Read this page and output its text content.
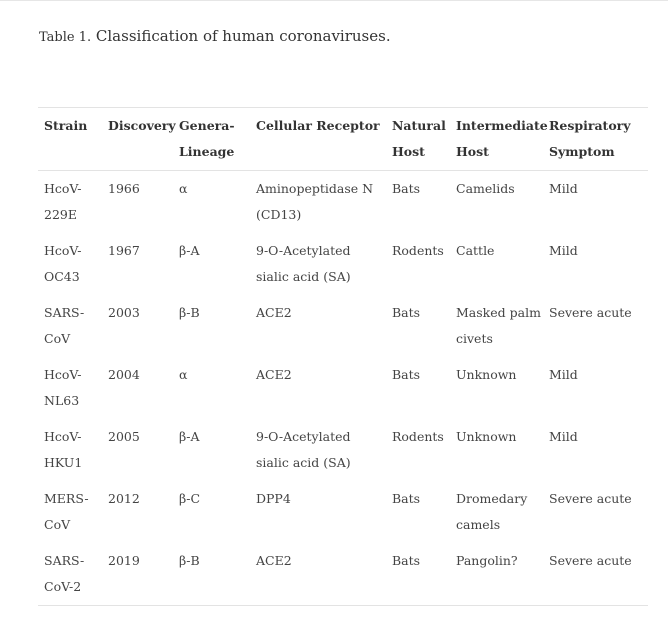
Table 1. Classification of human coronaviruses.
Strain	Discovery	Genera-Lineage	Cellular Receptor	Natural Host	Intermediate Host	Respiratory Symptom
HcoV-229E	1966	α	Aminopeptidase N (CD13)	Bats	Camelids	Mild
HcoV-OC43	1967	β-A	9-O-Acetylated sialic acid (SA)	Rodents	Cattle	Mild
SARS-CoV	2003	β-B	ACE2	Bats	Masked palm civets	Severe acute
HcoV-NL63	2004	α	ACE2	Bats	Unknown	Mild
HcoV-HKU1	2005	β-A	9-O-Acetylated sialic acid (SA)	Rodents	Unknown	Mild
MERS-CoV	2012	β-C	DPP4	Bats	Dromedary camels	Severe acute
SARS-CoV-2	2019	β-B	ACE2	Bats	Pangolin?	Severe acute
